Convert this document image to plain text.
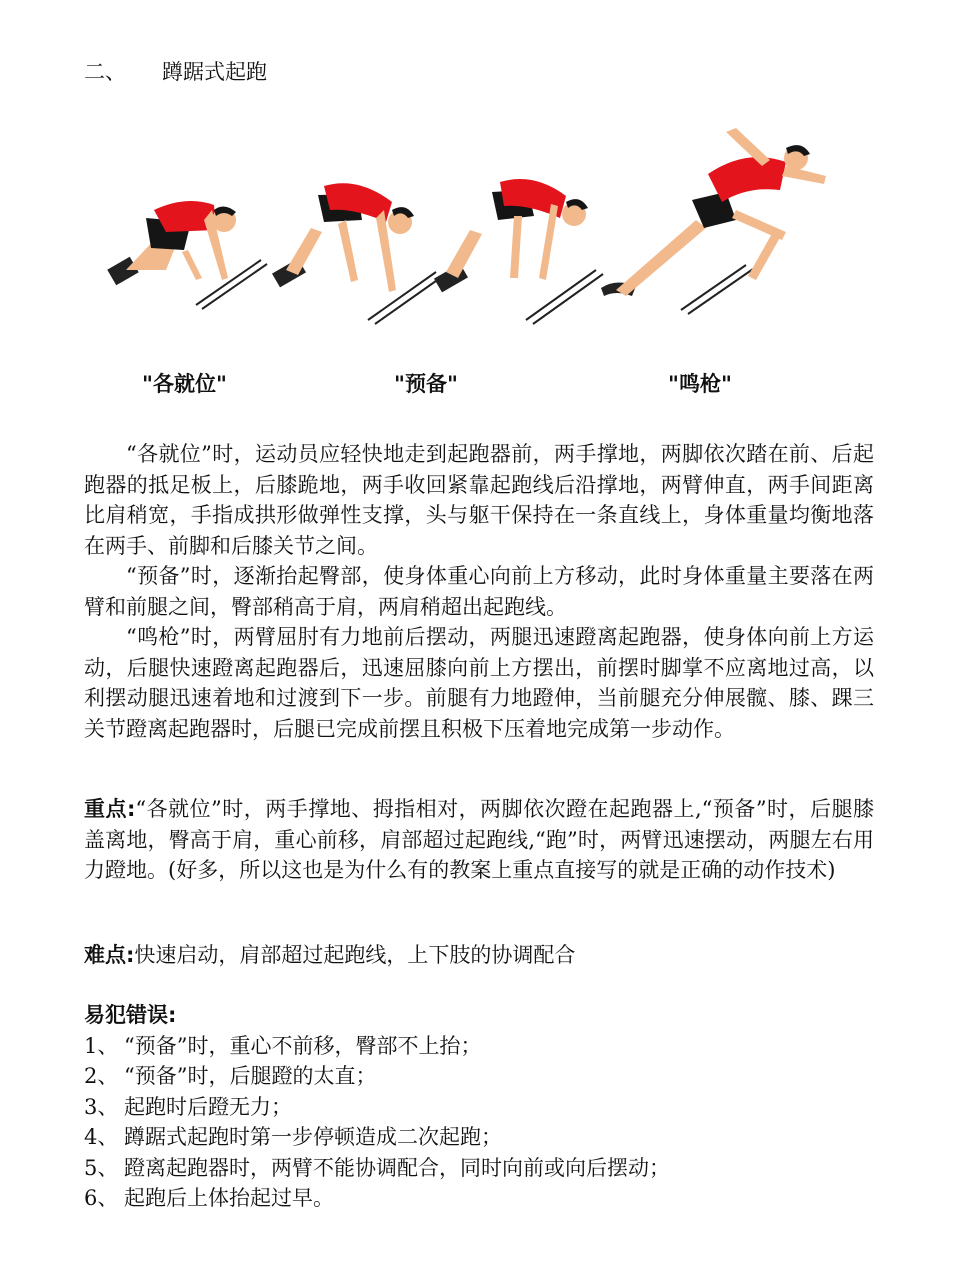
二、 蹲踞式起跑
"各就位"	"预备"	"鸣枪"

“各就位”时，运动员应轻快地走到起跑器前，两手撑地，两脚依次踏在前、后起跑器的抵足板上，后膝跪地，两手收回紧靠起跑线后沿撑地，两臂伸直，两手间距离比肩稍宽，手指成拱形做弹性支撑，头与躯干保持在一条直线上，身体重量均衡地落在两手、前脚和后膝关节之间。

“预备”时，逐渐抬起臀部，使身体重心向前上方移动，此时身体重量主要落在两臂和前腿之间，臀部稍高于肩，两肩稍超出起跑线。

“鸣枪”时，两臂屈肘有力地前后摆动，两腿迅速蹬离起跑器，使身体向前上方运动，后腿快速蹬离起跑器后，迅速屈膝向前上方摆出，前摆时脚掌不应离地过高，以利摆动腿迅速着地和过渡到下一步。前腿有力地蹬伸，当前腿充分伸展髋、膝、踝三关节蹬离起跑器时，后腿已完成前摆且积极下压着地完成第一步动作。

重点:“各就位”时，两手撑地、拇指相对，两脚依次蹬在起跑器上,“预备”时，后腿膝盖离地，臀高于肩，重心前移，肩部超过起跑线,“跑”时，两臂迅速摆动，两腿左右用力蹬地。(好多，所以这也是为什么有的教案上重点直接写的就是正确的动作技术)

难点:快速启动，肩部超过起跑线，上下肢的协调配合

易犯错误:

1、 “预备”时，重心不前移，臀部不上抬；
2、 “预备”时，后腿蹬的太直；
3、 起跑时后蹬无力；
4、 蹲踞式起跑时第一步停顿造成二次起跑；
5、 蹬离起跑器时，两臂不能协调配合，同时向前或向后摆动；
6、 起跑后上体抬起过早。
